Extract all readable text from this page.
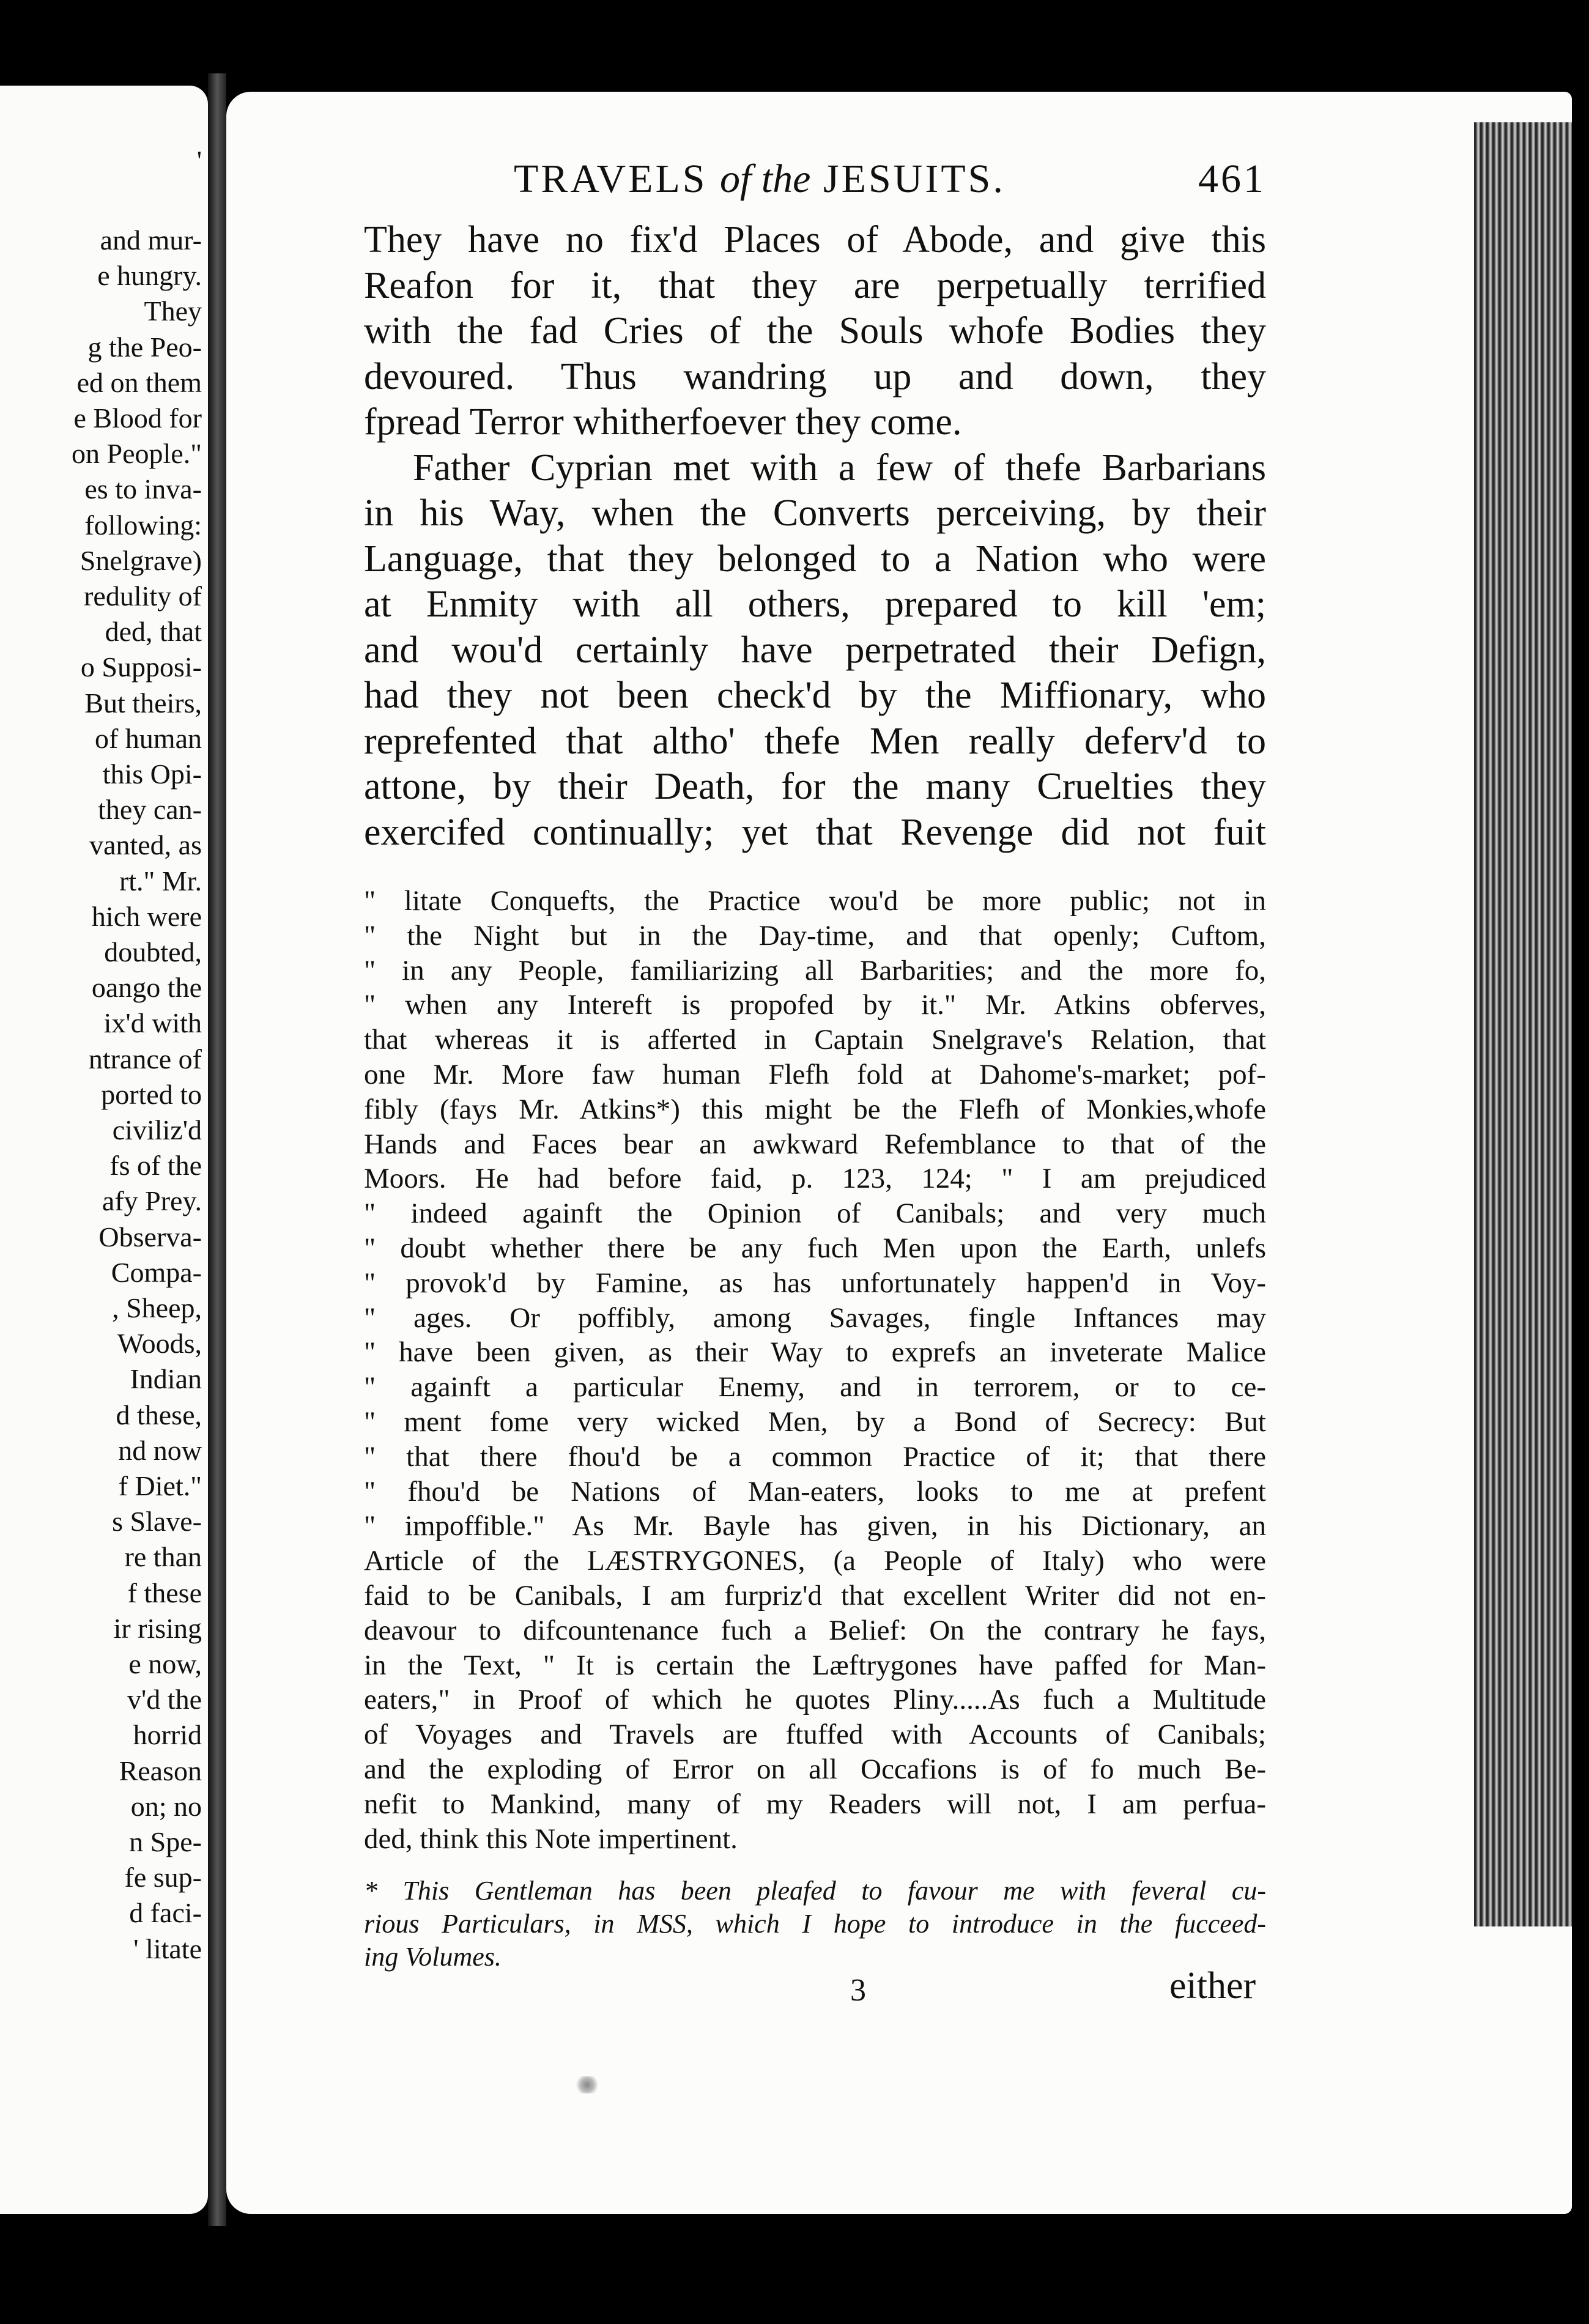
'
and mur-
e hungry.
They
g the Peo-
ed on them
e Blood for
on People."
es to inva-
following:
Snelgrave)
redulity of
ded, that
o Supposi-
But theirs,
of human
this Opi-
they can-
vanted, as
rt." Mr.
hich were
doubted,
oango the
ix'd with
ntrance of
ported to
civiliz'd
fs of the
afy Prey.
Observa-
Compa-
, Sheep,
Woods,
Indian
d these,
nd now
f Diet."
s Slave-
re than
f these
ir rising
e now,
v'd the
horrid
Reason
on; no
n Spe-
fe sup-
d faci-
' litate
TRAVELS of the JESUITS.	461
They have no fix'd Places of Abode, and give this
Reafon for it, that they are perpetually terrified
with the fad Cries of the Souls whofe Bodies they
devoured. Thus wandring up and down, they
fpread Terror whitherfoever they come.
Father Cyprian met with a few of thefe Barbarians
in his Way, when the Converts perceiving, by their
Language, that they belonged to a Nation who were
at Enmity with all others, prepared to kill 'em;
and wou'd certainly have perpetrated their Defign,
had they not been check'd by the Miffionary, who
reprefented that altho' thefe Men really deferv'd to
attone, by their Death, for the many Cruelties they
exercifed continually; yet that Revenge did not fuit
" litate Conquefts, the Practice wou'd be more public; not in
" the Night but in the Day-time, and that openly; Cuftom,
" in any People, familiarizing all Barbarities; and the more fo,
" when any Intereft is propofed by it." Mr. Atkins obferves,
that whereas it is afferted in Captain Snelgrave's Relation, that
one Mr. More faw human Flefh fold at Dahome's-market; pof-
fibly (fays Mr. Atkins*) this might be the Flefh of Monkies,whofe
Hands and Faces bear an awkward Refemblance to that of the
Moors. He had before faid, p. 123, 124; " I am prejudiced
" indeed againft the Opinion of Canibals; and very much
" doubt whether there be any fuch Men upon the Earth, unlefs
" provok'd by Famine, as has unfortunately happen'd in Voy-
" ages. Or poffibly, among Savages, fingle Inftances may
" have been given, as their Way to exprefs an inveterate Malice
" againft a particular Enemy, and in terrorem, or to ce-
" ment fome very wicked Men, by a Bond of Secrecy: But
" that there fhou'd be a common Practice of it; that there
" fhou'd be Nations of Man-eaters, looks to me at prefent
" impoffible." As Mr. Bayle has given, in his Dictionary, an
Article of the LÆSTRYGONES, (a People of Italy) who were
faid to be Canibals, I am furpriz'd that excellent Writer did not en-
deavour to difcountenance fuch a Belief: On the contrary he fays,
in the Text, " It is certain the Læftrygones have paffed for Man-
eaters," in Proof of which he quotes Pliny.....As fuch a Multitude
of Voyages and Travels are ftuffed with Accounts of Canibals;
and the exploding of Error on all Occafions is of fo much Be-
nefit to Mankind, many of my Readers will not, I am perfua-
ded, think this Note impertinent.
* This Gentleman has been pleafed to favour me with feveral cu-
rious Particulars, in MSS, which I hope to introduce in the fucceed-
ing Volumes.
3	either
